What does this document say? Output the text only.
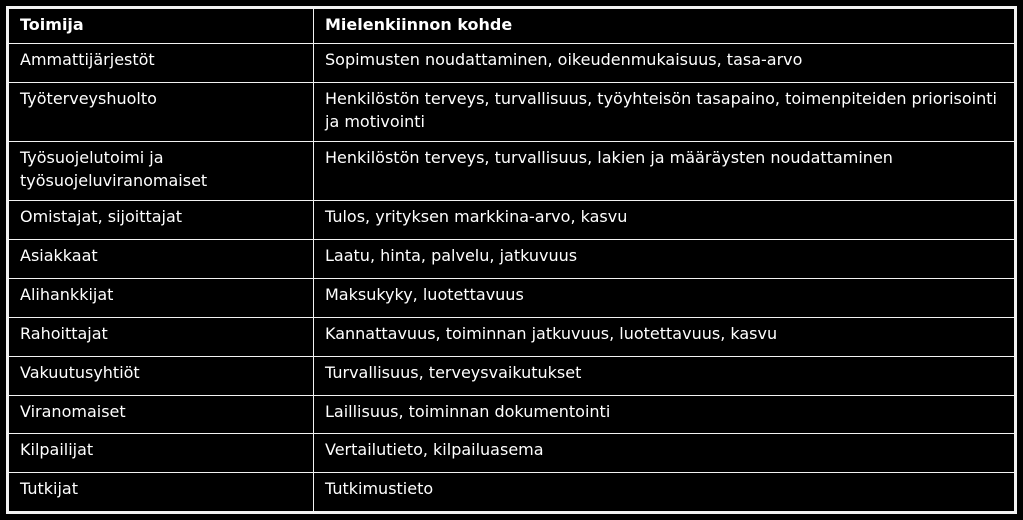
Toimija	Mielenkiinnon kohde
Ammattijärjestöt	Sopimusten noudattaminen, oikeudenmukaisuus, tasa-arvo
Työterveyshuolto	Henkilöstön terveys, turvallisuus, työyhteisön tasapaino, toimenpiteiden priorisointi ja motivointi
Työsuojelutoimi ja työsuojeluviranomaiset	Henkilöstön terveys, turvallisuus, lakien ja määräysten noudattaminen
Omistajat, sijoittajat	Tulos, yrityksen markkina-arvo, kasvu
Asiakkaat	Laatu, hinta, palvelu, jatkuvuus
Alihankkijat	Maksukyky, luotettavuus
Rahoittajat	Kannattavuus, toiminnan jatkuvuus, luotettavuus, kasvu
Vakuutusyhtiöt	Turvallisuus, terveysvaikutukset
Viranomaiset	Laillisuus, toiminnan dokumentointi
Kilpailijat	Vertailutieto, kilpailuasema
Tutkijat	Tutkimustieto
